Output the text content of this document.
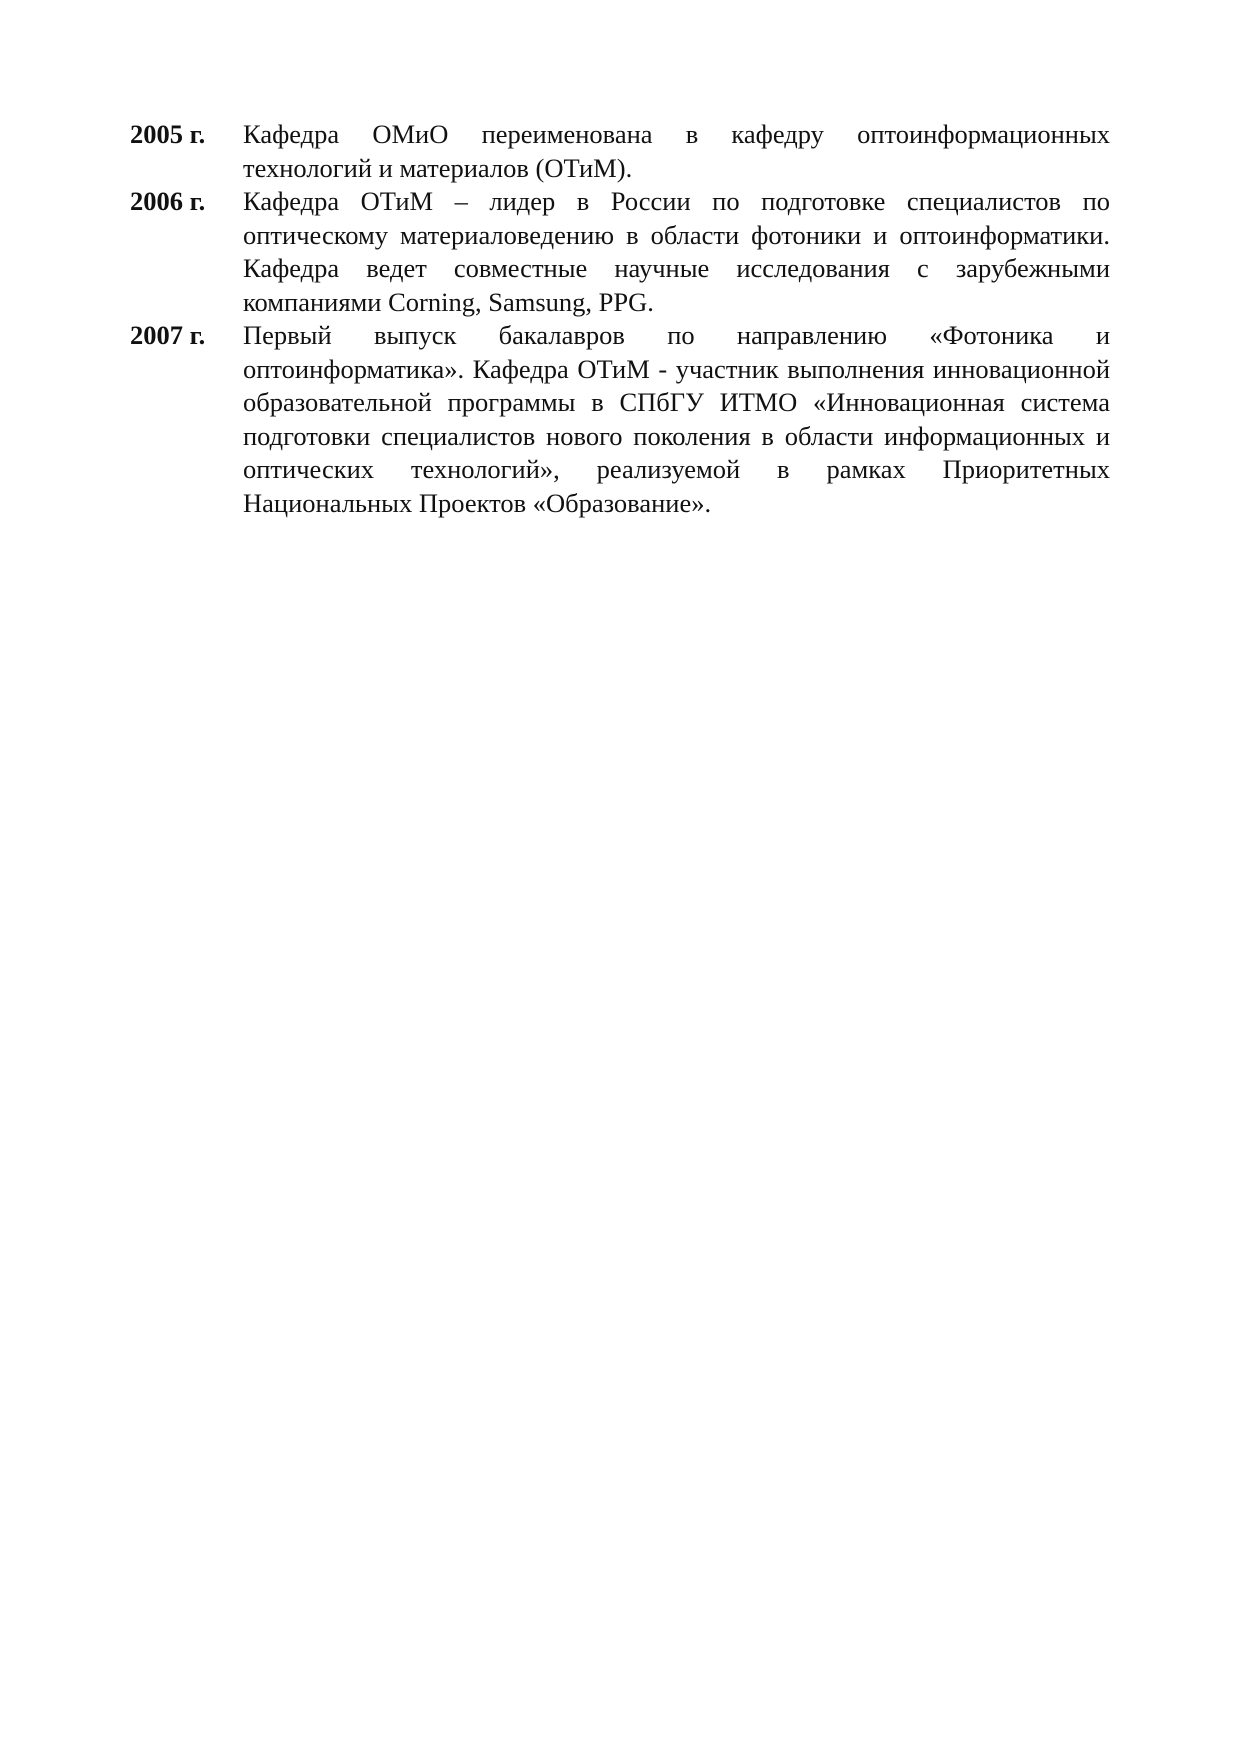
2005 г.	Кафедра ОМиО переименована в кафедру оптоинформационных технологий и материалов (ОТиМ).
2006 г.	Кафедра ОТиМ – лидер в России по подготовке специалистов по оптическому материаловедению в области фотоники и оптоинформатики. Кафедра ведет совместные научные исследования с зарубежными компаниями Corning, Samsung, PPG.
2007 г.	Первый выпуск бакалавров по направлению «Фотоника и оптоинформатика». Кафедра ОТиМ - участник выполнения инновационной образовательной программы в СПбГУ ИТМО «Инновационная система подготовки специалистов нового поколения в области информационных и оптических технологий», реализуемой в рамках Приоритетных Национальных Проектов «Образование».
